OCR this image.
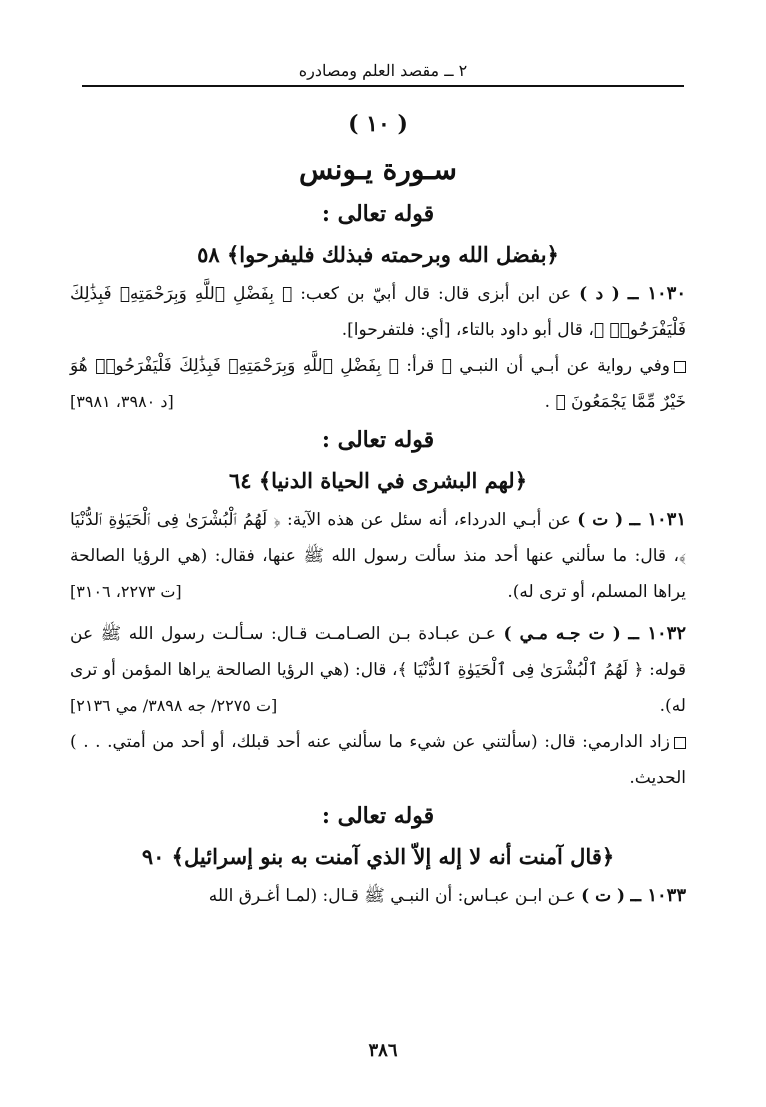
٢ ــ مقصد العلم ومصادره
( ١٠ )
سـورة يـونس
قوله تعالى :
﴿بفضل الله وبرحمته فبذلك فليفرحوا﴾ ٥٨

١٠٣٠ ــ ( د ) عن ابن أبزى قال: قال أبيّ بن كعب: ﴿ بِفَضْلِ ٱللَّهِ وَبِرَحْمَتِهِۦ فَبِذَٰلِكَ فَلْيَفْرَحُوا۟ ﴾، قال أبو داود بالتاء، [أي: فلتفرحوا].

وفي رواية عن أبـي أن النبـي ﷺ قرأ: ﴿ بِفَضْلِ ٱللَّهِ وَبِرَحْمَتِهِۦ فَبِذَٰلِكَ فَلْيَفْرَحُوا۟ هُوَ خَيْرٌ مِّمَّا يَجْمَعُونَ ﴾ .
[د ٣٩٨٠، ٣٩٨١]

قوله تعالى :
﴿لهم البشرى في الحياة الدنيا﴾ ٦٤

١٠٣١ ــ ( ت ) عن أبـي الدرداء، أنه سئل عن هذه الآية: ﴿ لَهُمُ ٱلْبُشْرَىٰ فِى ٱلْحَيَوٰةِ ٱلدُّنْيَا ﴾، قال: ما سألني عنها أحد منذ سألت رسول الله ﷺ عنها، فقال: (هي الرؤيا الصالحة يراها المسلم، أو ترى له).
[ت ٢٢٧٣، ٣١٠٦]

١٠٣٢ ــ ( ت جـه مـي ) عـن عبـادة بـن الصـامـت قـال: سـألـت رسول الله ﷺ عن قوله: ﴿ لَهُمُ ٱلْبُشْرَىٰ فِى ٱلْحَيَوٰةِ ٱلدُّنْيَا ﴾، قال: (هي الرؤيا الصالحة يراها المؤمن أو ترى له).
[ت ٢٢٧٥/ جه ٣٨٩٨/ مي ٢١٣٦]

زاد الدارمي: قال: (سألتني عن شيء ما سألني عنه أحد قبلك، أو أحد من أمتي. . . ) الحديث.

قوله تعالى :
﴿قال آمنت أنه لا إله إلاّ الذي آمنت به بنو إسرائيل﴾ ٩٠

١٠٣٣ ــ ( ت ) عـن ابـن عبـاس: أن النبـي ﷺ قـال: (لمـا أغـرق الله

٣٨٦
